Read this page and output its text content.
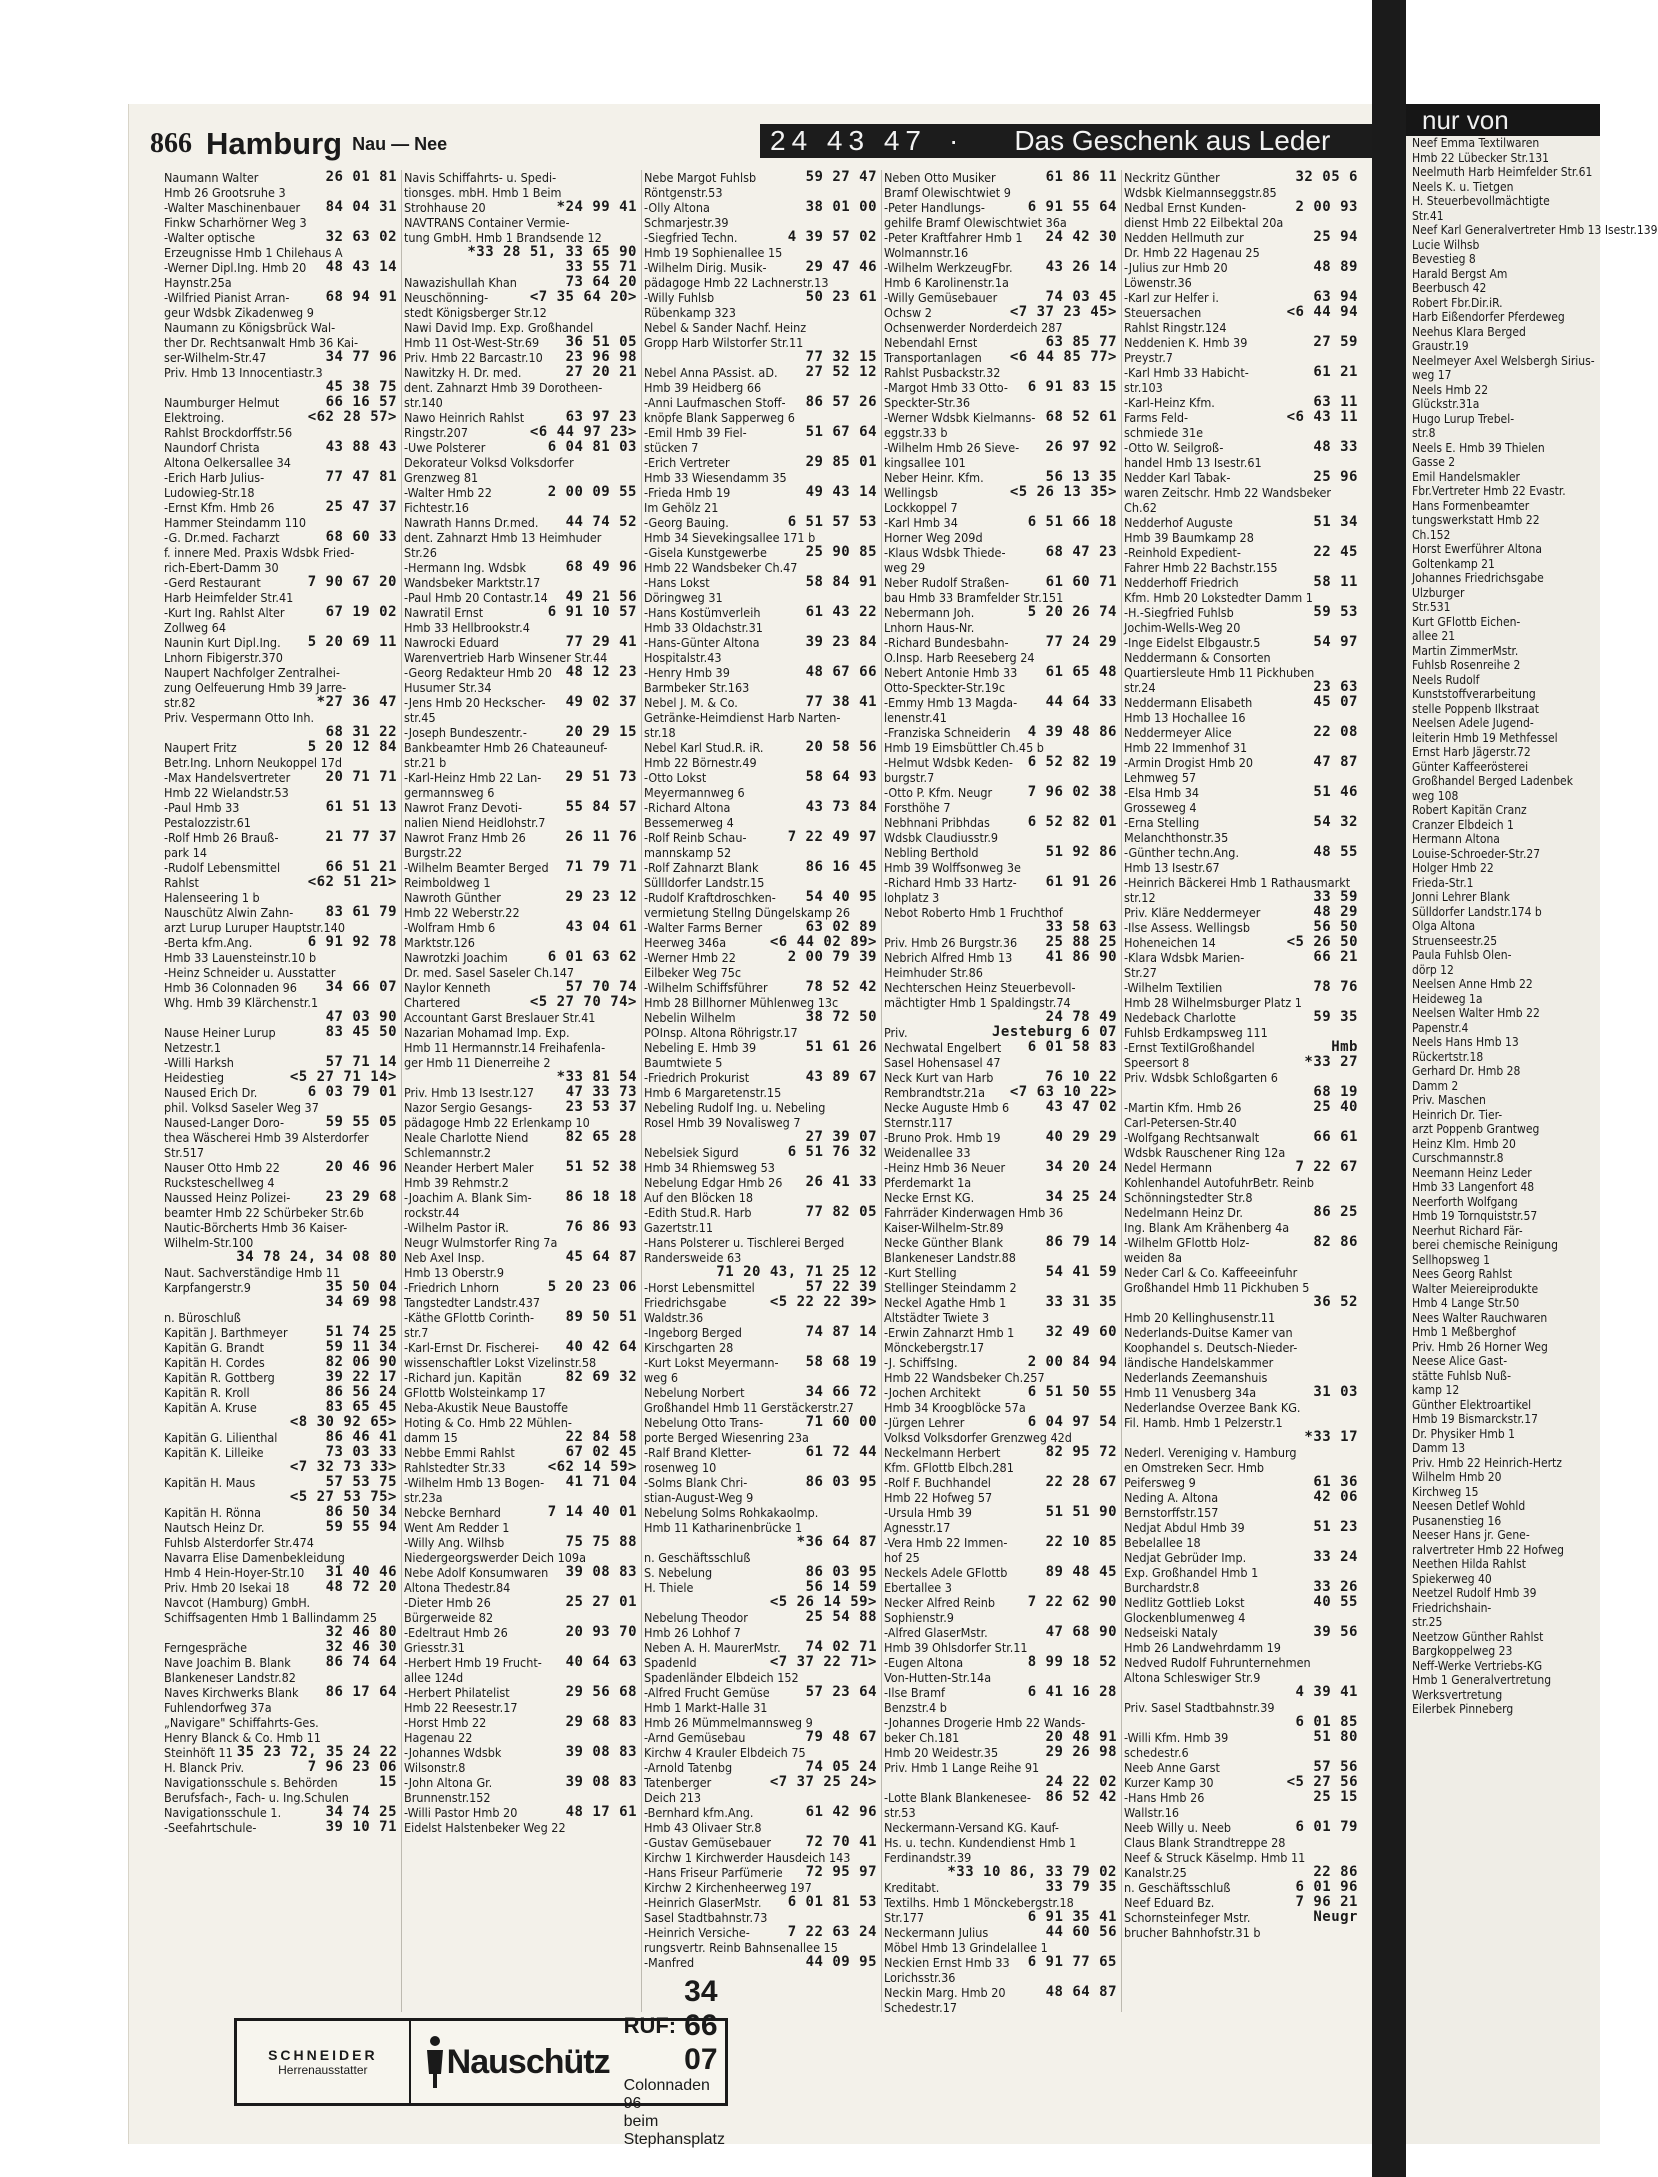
866 Hamburg Nau — Nee	24 43 47 ·	Das Geschenk aus Leder
Naumann Walter	26 01 81
Hmb 26 Grootsruhe 3
-Walter Maschinenbauer	84 04 31
Finkw Scharhörner Weg 3
-Walter optische	32 63 02
Erzeugnisse Hmb 1 Chilehaus A
-Werner Dipl.Ing. Hmb 20	48 43 14
Haynstr.25a
-Wilfried Pianist Arran-	68 94 91
geur Wdsbk Zikadenweg 9
Naumann zu Königsbrück Wal-
ther Dr. Rechtsanwalt Hmb 36 Kai-
ser-Wilhelm-Str.47	34 77 96
Priv. Hmb 13 Innocentiastr.3
45 38 75
Naumburger Helmut	66 16 57
Elektroing.	<62 28 57>
Rahlst Brockdorffstr.56
Naundorf Christa	43 88 43
Altona Oelkersallee 34
-Erich Harb Julius-	77 47 81
Ludowieg-Str.18
-Ernst Kfm. Hmb 26	25 47 37
Hammer Steindamm 110
-G. Dr.med. Facharzt	68 60 33
f. innere Med. Praxis Wdsbk Fried-
rich-Ebert-Damm 30
-Gerd Restaurant	7 90 67 20
Harb Heimfelder Str.41
-Kurt Ing. Rahlst Alter	67 19 02
Zollweg 64
Naunin Kurt Dipl.Ing.	5 20 69 11
Lnhorn Fibigerstr.370
Naupert Nachfolger Zentralhei-
zung Oelfeuerung Hmb 39 Jarre-
str.82	*27 36 47
Priv. Vespermann Otto Inh.
68 31 22
Naupert Fritz	5 20 12 84
Betr.Ing. Lnhorn Neukoppel 17d
-Max Handelsvertreter	20 71 71
Hmb 22 Wielandstr.53
-Paul Hmb 33	61 51 13
Pestalozzistr.61
-Rolf Hmb 26 Brauß-	21 77 37
park 14
-Rudolf Lebensmittel	66 51 21
Rahlst	<62 51 21>
Halenseering 1 b
Nauschütz Alwin Zahn-	83 61 79
arzt Lurup Luruper Hauptstr.140
-Berta kfm.Ang.	6 91 92 78
Hmb 33 Lauensteinstr.10 b
-Heinz Schneider u. Ausstatter
Hmb 36 Colonnaden 96	34 66 07
Whg. Hmb 39 Klärchenstr.1
47 03 90
Nause Heiner Lurup	83 45 50
Netzestr.1
-Willi Harksh	57 71 14
Heidestieg	<5 27 71 14>
Naused Erich Dr.	6 03 79 01
phil. Volksd Saseler Weg 37
Naused-Langer Doro-	59 55 05
thea Wäscherei Hmb 39 Alsterdorfer
Str.517
Nauser Otto Hmb 22	20 46 96
Rucksteschellweg 4
Naussed Heinz Polizei-	23 29 68
beamter Hmb 22 Schürbeker Str.6b
Nautic-Börcherts Hmb 36 Kaiser-
Wilhelm-Str.100
34 78 24, 34 08 80
Naut. Sachverständige Hmb 11
Karpfangerstr.9	35 50 04
34 69 98
n. Büroschluß
Kapitän J. Barthmeyer	51 74 25
Kapitän G. Brandt	59 11 34
Kapitän H. Cordes	82 06 90
Kapitän R. Gottberg	39 22 17
Kapitän R. Kroll	86 56 24
Kapitän A. Kruse	83 65 45
<8 30 92 65>
Kapitän G. Lilienthal	86 46 41
Kapitän K. Lilleike	73 03 33
<7 32 73 33>
Kapitän H. Maus	57 53 75
<5 27 53 75>
Kapitän H. Rönna	86 50 34
Nautsch Heinz Dr.	59 55 94
Fuhlsb Alsterdorfer Str.474
Navarra Elise Damenbekleidung
Hmb 4 Hein-Hoyer-Str.10	31 40 46
Priv. Hmb 20 Isekai 18	48 72 20
Navcot (Hamburg) GmbH.
Schiffsagenten Hmb 1 Ballindamm 25
32 46 80
Ferngespräche	32 46 30
Nave Joachim B. Blank	86 74 64
Blankeneser Landstr.82
Naves Kirchwerks Blank	86 17 64
Fuhlendorfweg 37a
„Navigare" Schiffahrts-Ges.
Henry Blanck & Co. Hmb 11
Steinhöft 11 35 23 72, 35 24 22
H. Blanck Priv.	7 96 23 06
Navigationsschule s. Behörden	15
Berufsfach-, Fach- u. Ing.Schulen
Navigationsschule 1.	34 74 25
-Seefahrtschule-	39 10 71
Navis Schiffahrts- u. Spedi-
tionsges. mbH. Hmb 1 Beim
Strohhause 20	*24 99 41
NAVTRANS Container Vermie-
tung GmbH. Hmb 1 Brandsende 12
*33 28 51, 33 65 90
33 55 71
Nawazishullah Khan	73 64 20
Neuschönning-	<7 35 64 20>
stedt Königsberger Str.12
Nawi David Imp. Exp. Großhandel
Hmb 11 Ost-West-Str.69	36 51 05
Priv. Hmb 22 Barcastr.10	23 96 98
Nawitzky H. Dr. med.	27 20 21
dent. Zahnarzt Hmb 39 Dorotheen-
str.140
Nawo Heinrich Rahlst	63 97 23
Ringstr.207	<6 44 97 23>
-Uwe Polsterer	6 04 81 03
Dekorateur Volksd Volksdorfer
Grenzweg 81
-Walter Hmb 22	2 00 09 55
Fichtestr.16
Nawrath Hanns Dr.med.	44 74 52
dent. Zahnarzt Hmb 13 Heimhuder
Str.26
-Hermann Ing. Wdsbk	68 49 96
Wandsbeker Marktstr.17
-Paul Hmb 20 Contastr.14	49 21 56
Nawratil Ernst	6 91 10 57
Hmb 33 Hellbrookstr.4
Nawrocki Eduard	77 29 41
Warenvertrieb Harb Winsener Str.44
-Georg Redakteur Hmb 20 48 12 23
Husumer Str.34
-Jens Hmb 20 Heckscher-	49 02 37
str.45
-Joseph Bundeszentr.-	20 29 15
Bankbeamter Hmb 26 Chateauneuf-
str.21 b
-Karl-Heinz Hmb 22 Lan-	29 51 73
germannsweg 6
Nawrot Franz Devoti-	55 84 57
nalien Niend Heidlohstr.7
Nawrot Franz Hmb 26	26 11 76
Burgstr.22
-Wilhelm Beamter Berged	71 79 71
Reimboldweg 1
Nawroth Günther	29 23 12
Hmb 22 Weberstr.22
-Wolfram Hmb 6	43 04 61
Marktstr.126
Nawrotzki Joachim	6 01 63 62
Dr. med. Sasel Saseler Ch.147
Naylor Kenneth	57 70 74
Chartered	<5 27 70 74>
Accountant Garst Breslauer Str.41
Nazarian Mohamad Imp. Exp.
Hmb 11 Hermannstr.14 Freihafenla-
ger Hmb 11 Dienerreihe 2
*33 81 54
Priv. Hmb 13 Isestr.127	47 33 73
Nazor Sergio Gesangs-	23 53 37
pädagoge Hmb 22 Erlenkamp 10
Neale Charlotte Niend	82 65 28
Schlemannstr.2
Neander Herbert Maler	51 52 38
Hmb 39 Rehmstr.2
-Joachim A. Blank Sim-	86 18 18
rockstr.44
-Wilhelm Pastor iR.	76 86 93
Neugr Wulmstorfer Ring 7a
Neb Axel Insp.	45 64 87
Hmb 13 Oberstr.9
-Friedrich Lnhorn	5 20 23 06
Tangstedter Landstr.437
-Käthe GFlottb Corinth-	89 50 51
str.7
-Karl-Ernst Dr. Fischerei-	40 42 64
wissenschaftler Lokst Vizelinstr.58
-Richard jun. Kapitän	82 69 32
GFlottb Wolsteinkamp 17
Neba-Akustik Neue Baustoffe
Hoting & Co. Hmb 22 Mühlen-
damm 15	22 84 58
Nebbe Emmi Rahlst	67 02 45
Rahlstedter Str.33	<62 14 59>
-Wilhelm Hmb 13 Bogen-	41 71 04
str.23a
Nebcke Bernhard	7 14 40 01
Went Am Redder 1
-Willy Ang. Wilhsb	75 75 88
Niedergeorgswerder Deich 109a
Nebe Adolf Konsumwaren	39 08 83
Altona Thedestr.84
-Dieter Hmb 26	25 27 01
Bürgerweide 82
-Edeltraut Hmb 26	20 93 70
Griesstr.31
-Herbert Hmb 19 Frucht-	40 64 63
allee 124d
-Herbert Philatelist	29 56 68
Hmb 22 Reesestr.17
-Horst Hmb 22	29 68 83
Hagenau 22
-Johannes Wdsbk	39 08 83
Wilsonstr.8
-John Altona Gr.	39 08 83
Brunnenstr.152
-Willi Pastor Hmb 20	48 17 61
Eidelst Halstenbeker Weg 22
Nebe Margot Fuhlsb	59 27 47
Röntgenstr.53
-Olly Altona	38 01 00
Schmarjestr.39
-Siegfried Techn.	4 39 57 02
Hmb 19 Sophienallee 15
-Wilhelm Dirig. Musik-	29 47 46
pädagoge Hmb 22 Lachnerstr.13
-Willy Fuhlsb	50 23 61
Rübenkamp 323
Nebel & Sander Nachf. Heinz
Gropp Harb Wilstorfer Str.11
77 32 15
Nebel Anna PAssist. aD.	27 52 12
Hmb 39 Heidberg 66
-Anni Laufmaschen Stoff-	86 57 26
knöpfe Blank Sapperweg 6
-Emil Hmb 39 Fiel-	51 67 64
stücken 7
-Erich Vertreter	29 85 01
Hmb 33 Wiesendamm 35
-Frieda Hmb 19	49 43 14
Im Gehölz 21
-Georg Bauing.	6 51 57 53
Hmb 34 Sievekingsallee 171 b
-Gisela Kunstgewerbe	25 90 85
Hmb 22 Wandsbeker Ch.47
-Hans Lokst	58 84 91
Döringweg 31
-Hans Kostümverleih	61 43 22
Hmb 33 Oldachstr.31
-Hans-Günter Altona	39 23 84
Hospitalstr.43
-Henry Hmb 39	48 67 66
Barmbeker Str.163
Nebel J. M. & Co.	77 38 41
Getränke-Heimdienst Harb Narten-
str.18
Nebel Karl Stud.R. iR.	20 58 56
Hmb 22 Börnestr.49
-Otto Lokst	58 64 93
Meyermannweg 6
-Richard Altona	43 73 84
Bessemerweg 4
-Rolf Reinb Schau-	7 22 49 97
mannskamp 52
-Rolf Zahnarzt Blank	86 16 45
Süllldorfer Landstr.15
-Rudolf Kraftdroschken-	54 40 95
vermietung Stellng Düngelskamp 26
-Walter Farms Berner	63 02 89
Heerweg 346a	<6 44 02 89>
-Werner Hmb 22	2 00 79 39
Eilbeker Weg 75c
-Wilhelm Schiffsführer	78 52 42
Hmb 28 Billhorner Mühlenweg 13c
Nebelin Wilhelm	38 72 50
POInsp. Altona Röhrigstr.17
Nebeling E. Hmb 39	51 61 26
Baumtwiete 5
-Friedrich Prokurist	43 89 67
Hmb 6 Margaretenstr.15
Nebeling Rudolf Ing. u. Nebeling
Rosel Hmb 39 Novalisweg 7
27 39 07
Nebelsiek Sigurd	6 51 76 32
Hmb 34 Rhiemsweg 53
Nebelung Edgar Hmb 26	26 41 33
Auf den Blöcken 18
-Edith Stud.R. Harb	77 82 05
Gazertstr.11
-Hans Polsterer u. Tischlerei Berged
Randersweide 63
71 20 43, 71 25 12
-Horst Lebensmittel	57 22 39
Friedrichsgabe	<5 22 22 39>
Waldstr.36
-Ingeborg Berged	74 87 14
Kirschgarten 28
-Kurt Lokst Meyermann-	58 68 19
weg 6
Nebelung Norbert	34 66 72
Großhandel Hmb 11 Gerstäckerstr.27
Nebelung Otto Trans-	71 60 00
porte Berged Wiesenring 23a
-Ralf Brand Kletter-	61 72 44
rosenweg 10
-Solms Blank Chri-	86 03 95
stian-August-Weg 9
Nebelung Solms Rohkakaolmp.
Hmb 11 Katharinenbrücke 1
*36 64 87
n. Geschäftsschluß
S. Nebelung	86 03 95
H. Thiele	56 14 59
<5 26 14 59>
Nebelung Theodor	25 54 88
Hmb 26 Lohhof 7
Neben A. H. MaurerMstr.	74 02 71
Spadenld	<7 37 22 71>
Spadenländer Elbdeich 152
-Alfred Frucht Gemüse	57 23 64
Hmb 1 Markt-Halle 31
Hmb 26 Mümmelmannsweg 9
-Arnd Gemüsebau	79 48 67
Kirchw 4 Krauler Elbdeich 75
-Arnold Tatenbg	74 05 24
Tatenberger	<7 37 25 24>
Deich 213
-Bernhard kfm.Ang.	61 42 96
Hmb 43 Olivaer Str.8
-Gustav Gemüsebauer	72 70 41
Kirchw 1 Kirchwerder Hausdeich 143
-Hans Friseur Parfümerie	72 95 97
Kirchw 2 Kirchenheerweg 197
-Heinrich GlaserMstr.	6 01 81 53
Sasel Stadtbahnstr.73
-Heinrich Versiche-	7 22 63 24
rungsvertr. Reinb Bahnsenallee 15
-Manfred	44 09 95
Neben Otto Musiker	61 86 11
Bramf Olewischtwiet 9
-Peter Handlungs-	6 91 55 64
gehilfe Bramf Olewischtwiet 36a
-Peter Kraftfahrer Hmb 1	24 42 30
Wolmannstr.16
-Wilhelm WerkzeugFbr.	43 26 14
Hmb 6 Karolinenstr.1a
-Willy Gemüsebauer	74 03 45
Ochsw 2	<7 37 23 45>
Ochsenwerder Norderdeich 287
Nebendahl Ernst	63 85 77
Transportanlagen	<6 44 85 77>
Rahlst Pusbackstr.32
-Margot Hmb 33 Otto-	6 91 83 15
Speckter-Str.36
-Werner Wdsbk Kielmanns- 68 52 61
eggstr.33 b
-Wilhelm Hmb 26 Sieve-	26 97 92
kingsallee 101
Neber Heinr. Kfm.	56 13 35
Wellingsb	<5 26 13 35>
Lockkoppel 7
-Karl Hmb 34	6 51 66 18
Horner Weg 209d
-Klaus Wdsbk Thiede-	68 47 23
weg 29
Neber Rudolf Straßen-	61 60 71
bau Hmb 33 Bramfelder Str.151
Nebermann Joh.	5 20 26 74
Lnhorn Haus-Nr.
-Richard Bundesbahn-	77 24 29
O.Insp. Harb Reeseberg 24
Nebert Antonie Hmb 33	61 65 48
Otto-Speckter-Str.19c
-Emmy Hmb 13 Magda-	44 64 33
lenenstr.41
-Franziska Schneiderin	4 39 48 86
Hmb 19 Eimsbüttler Ch.45 b
-Helmut Wdsbk Keden-	6 52 82 19
burgstr.7
-Otto P. Kfm. Neugr	7 96 02 38
Forsthöhe 7
Nebhnani Pribhdas	6 52 82 01
Wdsbk Claudiusstr.9
Nebling Berthold	51 92 86
Hmb 39 Wolffsonweg 3e
-Richard Hmb 33 Hartz-	61 91 26
lohplatz 3
Nebot Roberto Hmb 1 Fruchthof
33 58 63
Priv. Hmb 26 Burgstr.36	25 88 25
Nebrich Alfred Hmb 13	41 86 90
Heimhuder Str.86
Nechterschen Heinz Steuerbevoll-
mächtigter Hmb 1 Spaldingstr.74
24 78 49
Priv.	Jesteburg 6 07
Nechwatal Engelbert	6 01 58 83
Sasel Hohensasel 47
Neck Kurt van Harb	76 10 22
Rembrandtstr.21a	<7 63 10 22>
Necke Auguste Hmb 6	43 47 02
Sternstr.117
-Bruno Prok. Hmb 19	40 29 29
Weidenallee 33
-Heinz Hmb 36 Neuer	34 20 24
Pferdemarkt 1a
Necke Ernst KG.	34 25 24
Fahrräder Kinderwagen Hmb 36
Kaiser-Wilhelm-Str.89
Necke Günther Blank	86 79 14
Blankeneser Landstr.88
-Kurt Stelling	54 41 59
Stellinger Steindamm 2
Neckel Agathe Hmb 1	33 31 35
Altstädter Twiete 3
-Erwin Zahnarzt Hmb 1	32 49 60
Mönckebergstr.17
-J. SchiffsIng.	2 00 84 94
Hmb 22 Wandsbeker Ch.257
-Jochen Architekt	6 51 50 55
Hmb 34 Kroogblöcke 57a
-Jürgen Lehrer	6 04 97 54
Volksd Volksdorfer Grenzweg 42d
Neckelmann Herbert	82 95 72
Kfm. GFlottb Elbch.281
-Rolf F. Buchhandel	22 28 67
Hmb 22 Hofweg 57
-Ursula Hmb 39	51 51 90
Agnesstr.17
-Vera Hmb 22 Immen-	22 10 85
hof 25
Neckels Adele GFlottb	89 48 45
Ebertallee 3
Necker Alfred Reinb	7 22 62 90
Sophienstr.9
-Alfred GlaserMstr.	47 68 90
Hmb 39 Ohlsdorfer Str.11
-Eugen Altona	8 99 18 52
Von-Hutten-Str.14a
-Ilse Bramf	6 41 16 28
Benzstr.4 b
-Johannes Drogerie Hmb 22 Wands-
beker Ch.181	20 48 91
Hmb 20 Weidestr.35	29 26 98
Priv. Hmb 1 Lange Reihe 91
24 22 02
-Lotte Blank Blankenesee-	86 52 42
str.53
Neckermann-Versand KG. Kauf-
Hs. u. techn. Kundendienst Hmb 1
Ferdinandstr.39
*33 10 86, 33 79 02
Kreditabt.	33 79 35
Textilhs. Hmb 1 Mönckebergstr.18
Str.177	6 91 35 41
Neckermann Julius	44 60 56
Möbel Hmb 13 Grindelallee 1
Neckien Ernst Hmb 33	6 91 77 65
Lorichsstr.36
Neckin Marg. Hmb 20	48 64 87
Schedestr.17
Neckritz Günther	32 05 6
Wdsbk Kielmannseggstr.85
Nedbal Ernst Kunden-	2 00 93
dienst Hmb 22 Eilbektal 20a
Nedden Hellmuth zur	25 94
Dr. Hmb 22 Hagenau 25
-Julius zur Hmb 20	48 89
Löwenstr.36
-Karl zur Helfer i.	63 94
Steuersachen	<6 44 94
Rahlst Ringstr.124
Neddenien K. Hmb 39	27 59
Preystr.7
-Karl Hmb 33 Habicht-	61 21
str.103
-Karl-Heinz Kfm.	63 11
Farms Feld-	<6 43 11
schmiede 31e
-Otto W. Seilgroß-	48 33
handel Hmb 13 Isestr.61
Nedder Karl Tabak-	25 96
waren Zeitschr. Hmb 22 Wandsbeker
Ch.62
Nedderhof Auguste	51 34
Hmb 39 Baumkamp 28
-Reinhold Expedient-	22 45
Fahrer Hmb 22 Bachstr.155
Nedderhoff Friedrich	58 11
Kfm. Hmb 20 Lokstedter Damm 1
-H.-Siegfried Fuhlsb	59 53
Jochim-Wells-Weg 20
-Inge Eidelst Elbgaustr.5	54 97
Neddermann & Consorten
Quartiersleute Hmb 11 Pickhuben
str.24	23 63
Neddermann Elisabeth	45 07
Hmb 13 Hochallee 16
Neddermeyer Alice	22 08
Hmb 22 Immenhof 31
-Armin Drogist Hmb 20	47 87
Lehmweg 57
-Elsa Hmb 34	51 46
Grosseweg 4
-Erna Stelling	54 32
Melanchthonstr.35
-Günther techn.Ang.	48 55
Hmb 13 Isestr.67
-Heinrich Bäckerei Hmb 1 Rathausmarkt
str.12	33 59
Priv. Kläre Neddermeyer	48 29
-Ilse Assess. Wellingsb	56 50
Hoheneichen 14	<5 26 50
-Klara Wdsbk Marien-	66 21
Str.27
-Wilhelm Textilien	78 76
Hmb 28 Wilhelmsburger Platz 1
Nedeback Charlotte	59 35
Fuhlsb Erdkampsweg 111
-Ernst TextilGroßhandel	Hmb
Speersort 8	*33 27
Priv. Wdsbk Schloßgarten 6
68 19
-Martin Kfm. Hmb 26	25 40
Carl-Petersen-Str.40
-Wolfgang Rechtsanwalt	66 61
Wdsbk Rauschener Ring 12a
Nedel Hermann	7 22 67
Kohlenhandel AutofuhrBetr. Reinb
Schönningstedter Str.8
Nedelmann Heinz Dr.	86 25
Ing. Blank Am Krähenberg 4a
-Wilhelm GFlottb Holz-	82 86
weiden 8a
Neder Carl & Co. Kaffeeeinfuhr
Großhandel Hmb 11 Pickhuben 5
36 52
Hmb 20 Kellinghusenstr.11
Nederlands-Duitse Kamer van
Koophandel s. Deutsch-Nieder-
ländische Handelskammer
Nederlands Zeemanshuis
Hmb 11 Venusberg 34a	31 03
Nederlandse Overzee Bank KG.
Fil. Hamb. Hmb 1 Pelzerstr.1
*33 17
Nederl. Vereniging v. Hamburg
en Omstreken Secr. Hmb
Peifersweg 9	61 36
Neding A. Altona	42 06
Bernstorffstr.157
Nedjat Abdul Hmb 39	51 23
Bebelallee 18
Nedjat Gebrüder Imp.	33 24
Exp. Großhandel Hmb 1
Burchardstr.8	33 26
Nedlitz Gottlieb Lokst	40 55
Glockenblumenweg 4
Nedseiski Nataly	39 56
Hmb 26 Landwehrdamm 19
Nedved Rudolf Fuhrunternehmen
Altona Schleswiger Str.9
4 39 41
Priv. Sasel Stadtbahnstr.39
6 01 85
-Willi Kfm. Hmb 39	51 80
schedestr.6
Neeb Anne Garst	57 56
Kurzer Kamp 30	<5 27 56
-Hans Hmb 26	25 15
Wallstr.16
Neeb Willy u. Neeb	6 01 79
Claus Blank Strandtreppe 28
Neef & Struck Käselmp. Hmb 11
Kanalstr.25	22 86
n. Geschäftsschluß	6 01 96
Neef Eduard Bz.	7 96 21
Schornsteinfeger Mstr.	Neugr
brucher Bahnhofstr.31 b
nur von
Neef Emma Textilwaren
Hmb 22 Lübecker Str.131
Neelmuth Harb Heimfelder Str.61
Neels K. u. Tietgen
H. Steuerbevollmächtigte
Str.41
Neef Karl Generalvertreter Hmb 13 Isestr.139
Lucie Wilhsb
Bevestieg 8
Harald Bergst Am
Beerbusch 42
Robert Fbr.Dir.iR.
Harb Eißendorfer Pferdeweg
Neehus Klara Berged
Graustr.19
Neelmeyer Axel Welsbergh Sirius-
weg 17
Neels Hmb 22
Glückstr.31a
Hugo Lurup Trebel-
str.8
Neels E. Hmb 39 Thielen
Gasse 2
Emil Handelsmakler
Fbr.Vertreter Hmb 22 Evastr.
Hans Formenbeamter
tungswerkstatt Hmb 22
Ch.152
Horst Ewerführer Altona
Goltenkamp 21
Johannes Friedrichsgabe
Ulzburger
Str.531
Kurt GFlottb Eichen-
allee 21
Martin ZimmerMstr.
Fuhlsb Rosenreihe 2
Neels Rudolf
Kunststoffverarbeitung
stelle Poppenb Ilkstraat
Neelsen Adele Jugend-
leiterin Hmb 19 Methfessel
Ernst Harb Jägerstr.72
Günter Kaffeerösterei
Großhandel Berged Ladenbek
weg 108
Robert Kapitän Cranz
Cranzer Elbdeich 1
Hermann Altona
Louise-Schroeder-Str.27
Holger Hmb 22
Frieda-Str.1
Jonni Lehrer Blank
Sülldorfer Landstr.174 b
Olga Altona
Struenseestr.25
Paula Fuhlsb Olen-
dörp 12
Neelsen Anne Hmb 22
Heideweg 1a
Neelsen Walter Hmb 22
Papenstr.4
Neels Hans Hmb 13
Rückertstr.18
Gerhard Dr. Hmb 28
Damm 2
Priv. Maschen
Heinrich Dr. Tier-
arzt Poppenb Grantweg
Heinz Klm. Hmb 20
Curschmannstr.8
Neemann Heinz Leder
Hmb 33 Langenfort 48
Neerforth Wolfgang
Hmb 19 Tornquiststr.57
Neerhut Richard Fär-
berei chemische Reinigung
Sellhopsweg 1
Nees Georg Rahlst
Walter Meiereiprodukte
Hmb 4 Lange Str.50
Nees Walter Rauchwaren
Hmb 1 Meßberghof
Priv. Hmb 26 Horner Weg
Neese Alice Gast-
stätte Fuhlsb Nuß-
kamp 12
Günther Elektroartikel
Hmb 19 Bismarckstr.17
Dr. Physiker Hmb 1
Damm 13
Priv. Hmb 22 Heinrich-Hertz
Wilhelm Hmb 20
Kirchweg 15
Neesen Detlef Wohld
Pusanenstieg 16
Neeser Hans jr. Gene-
ralvertreter Hmb 22 Hofweg
Neethen Hilda Rahlst
Spiekerweg 40
Neetzel Rudolf Hmb 39
Friedrichshain-
str.25
Neetzow Günther Rahlst
Bargkoppelweg 23
Neff-Werke Vertriebs-KG
Hmb 1 Generalvertretung
Werksvertretung
Eilerbek Pinneberg
SCHNEIDER
Herrenausstatter Nauschütz
RUF:
34 66 07
Colonnaden 96
beim Stephansplatz
